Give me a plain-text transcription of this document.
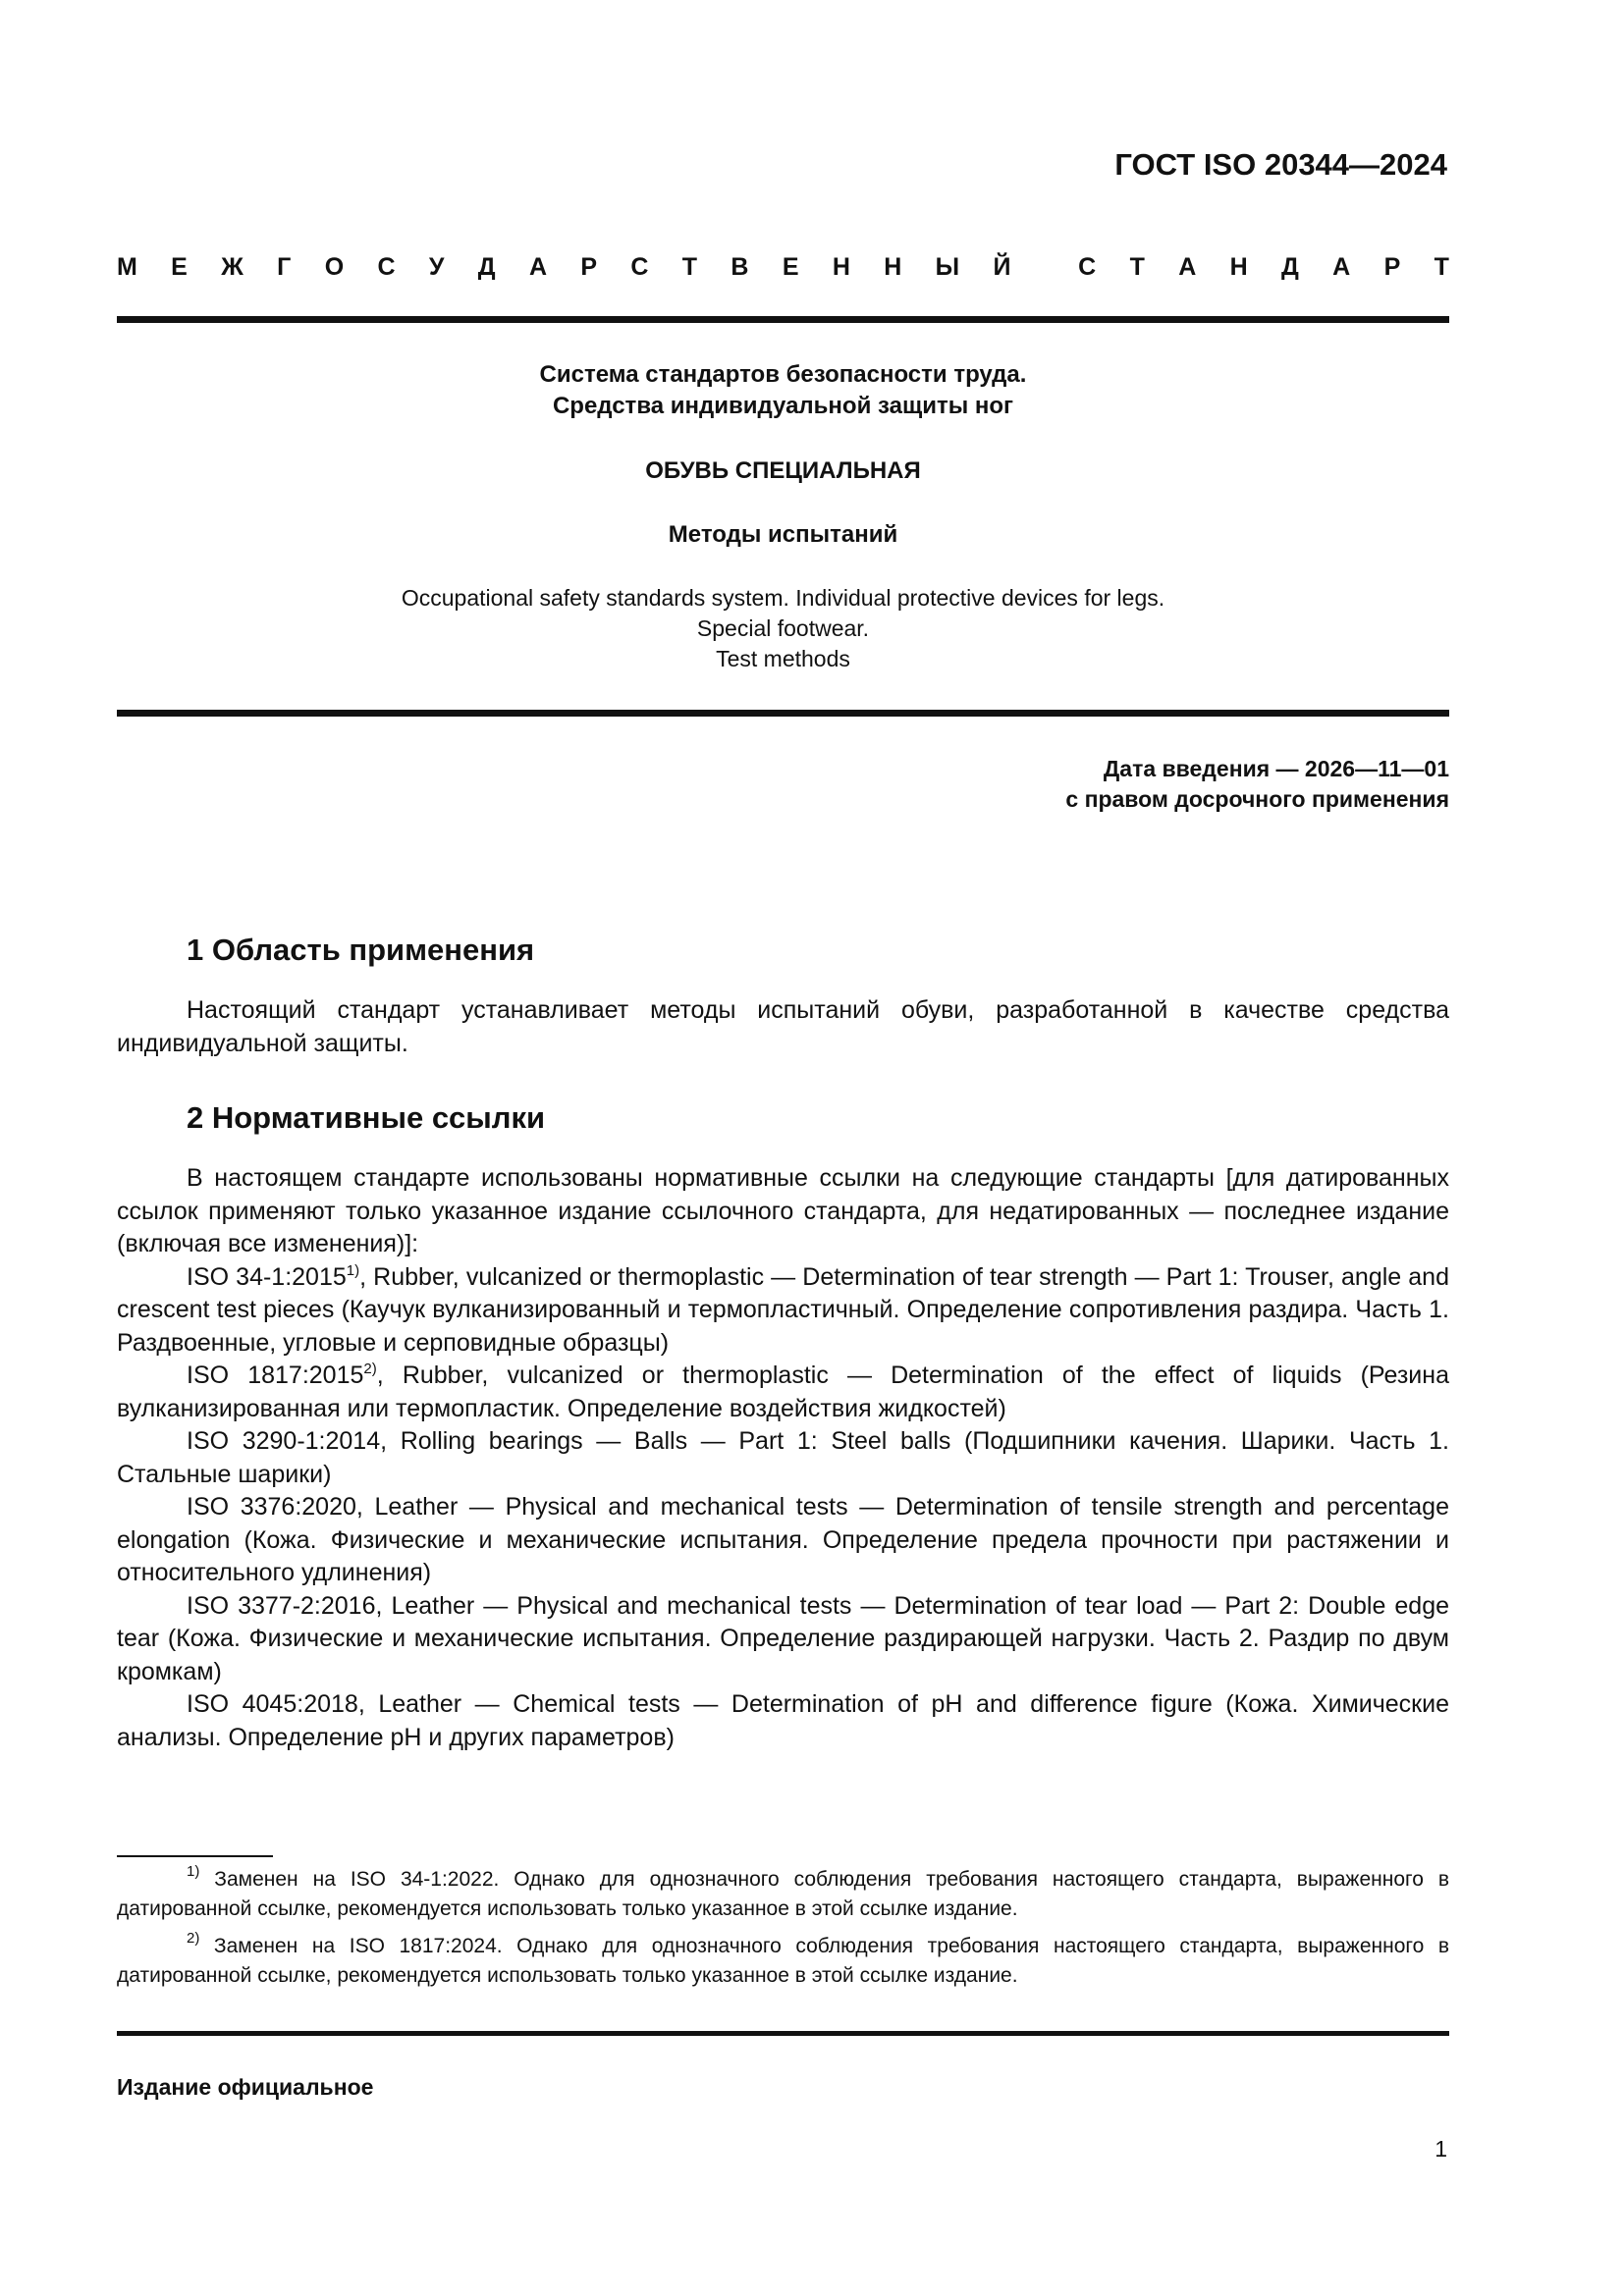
ГОСТ ISO 20344—2024
М Е Ж Г О С У Д А Р С Т В Е Н Н Ы Й	С Т А Н Д А Р Т
Система стандартов безопасности труда.
Средства индивидуальной защиты ног
ОБУВЬ СПЕЦИАЛЬНАЯ
Методы испытаний
Occupational safety standards system. Individual protective devices for legs.
Special footwear.
Test methods
Дата введения — 2026—11—01
с правом досрочного применения
1 Область применения

Настоящий стандарт устанавливает методы испытаний обуви, разработанной в качестве средства индивидуальной защиты.

2 Нормативные ссылки

В настоящем стандарте использованы нормативные ссылки на следующие стандарты [для датированных ссылок применяют только указанное издание ссылочного стандарта, для недатированных — последнее издание (включая все изменения)]:

ISO 34-1:2015$^{1)}$, Rubber, vulcanized or thermoplastic — Determination of tear strength — Part 1: Trouser, angle and crescent test pieces (Каучук вулканизированный и термопластичный. Определение сопротивления раздира. Часть 1. Раздвоенные, угловые и серповидные образцы)

ISO 1817:2015$^{2)}$, Rubber, vulcanized or thermoplastic — Determination of the effect of liquids (Резина вулканизированная или термопластик. Определение воздействия жидкостей)

ISO 3290-1:2014, Rolling bearings — Balls — Part 1: Steel balls (Подшипники качения. Шарики. Часть 1. Стальные шарики)

ISO 3376:2020, Leather — Physical and mechanical tests — Determination of tensile strength and percentage elongation (Кожа. Физические и механические испытания. Определение предела прочности при растяжении и относительного удлинения)

ISO 3377-2:2016, Leather — Physical and mechanical tests — Determination of tear load — Part 2: Double edge tear (Кожа. Физические и механические испытания. Определение раздирающей нагрузки. Часть 2. Раздир по двум кромкам)

ISO 4045:2018, Leather — Chemical tests — Determination of pH and difference figure (Кожа. Химические анализы. Определение рН и других параметров)

$^{1)}$ Заменен на ISO 34-1:2022. Однако для однозначного соблюдения требования настоящего стандарта, выраженного в датированной ссылке, рекомендуется использовать только указанное в этой ссылке издание.

$^{2)}$ Заменен на ISO 1817:2024. Однако для однозначного соблюдения требования настоящего стандарта, выраженного в датированной ссылке, рекомендуется использовать только указанное в этой ссылке издание.

Издание официальное
1
